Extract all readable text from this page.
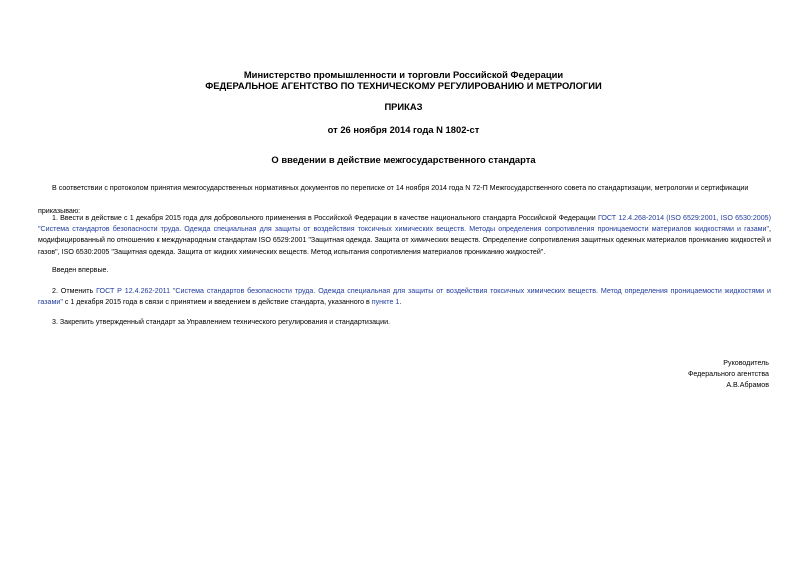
Министерство промышленности и торговли Российской Федерации
ФЕДЕРАЛЬНОЕ АГЕНТСТВО ПО ТЕХНИЧЕСКОМУ РЕГУЛИРОВАНИЮ И МЕТРОЛОГИИ
ПРИКАЗ
от 26 ноября 2014 года N 1802-ст
О введении в действие межгосударственного стандарта
В соответствии с протоколом принятия межгосударственных нормативных документов по переписке от 14 ноября 2014 года N 72-П Межгосударственного совета по стандартизации, метрологии и сертификации
приказываю:
1. Ввести в действие с 1 декабря 2015 года для добровольного применения в Российской Федерации в качестве национального стандарта Российской Федерации ГОСТ 12.4.268-2014 (ISO 6529:2001, ISO 6530:2005) "Система стандартов безопасности труда. Одежда специальная для защиты от воздействия токсичных химических веществ. Методы определения сопротивления проницаемости материалов жидкостями и газами", модифицированный по отношению к международным стандартам ISO 6529:2001 "Защитная одежда. Защита от химических веществ. Определение сопротивления защитных одежных материалов прониканию жидкостей и газов", ISO 6530:2005 "Защитная одежда. Защита от жидких химических веществ. Метод испытания сопротивления материалов прониканию жидкостей".
Введен впервые.
2. Отменить ГОСТ Р 12.4.262-2011 "Система стандартов безопасности труда. Одежда специальная для защиты от воздействия токсичных химических веществ. Метод определения проницаемости жидкостями и газами" с 1 декабря 2015 года в связи с принятием и введением в действие стандарта, указанного в пункте 1.
3. Закрепить утвержденный стандарт за Управлением технического регулирования и стандартизации.
Руководитель
Федерального агентства
А.В.Абрамов
